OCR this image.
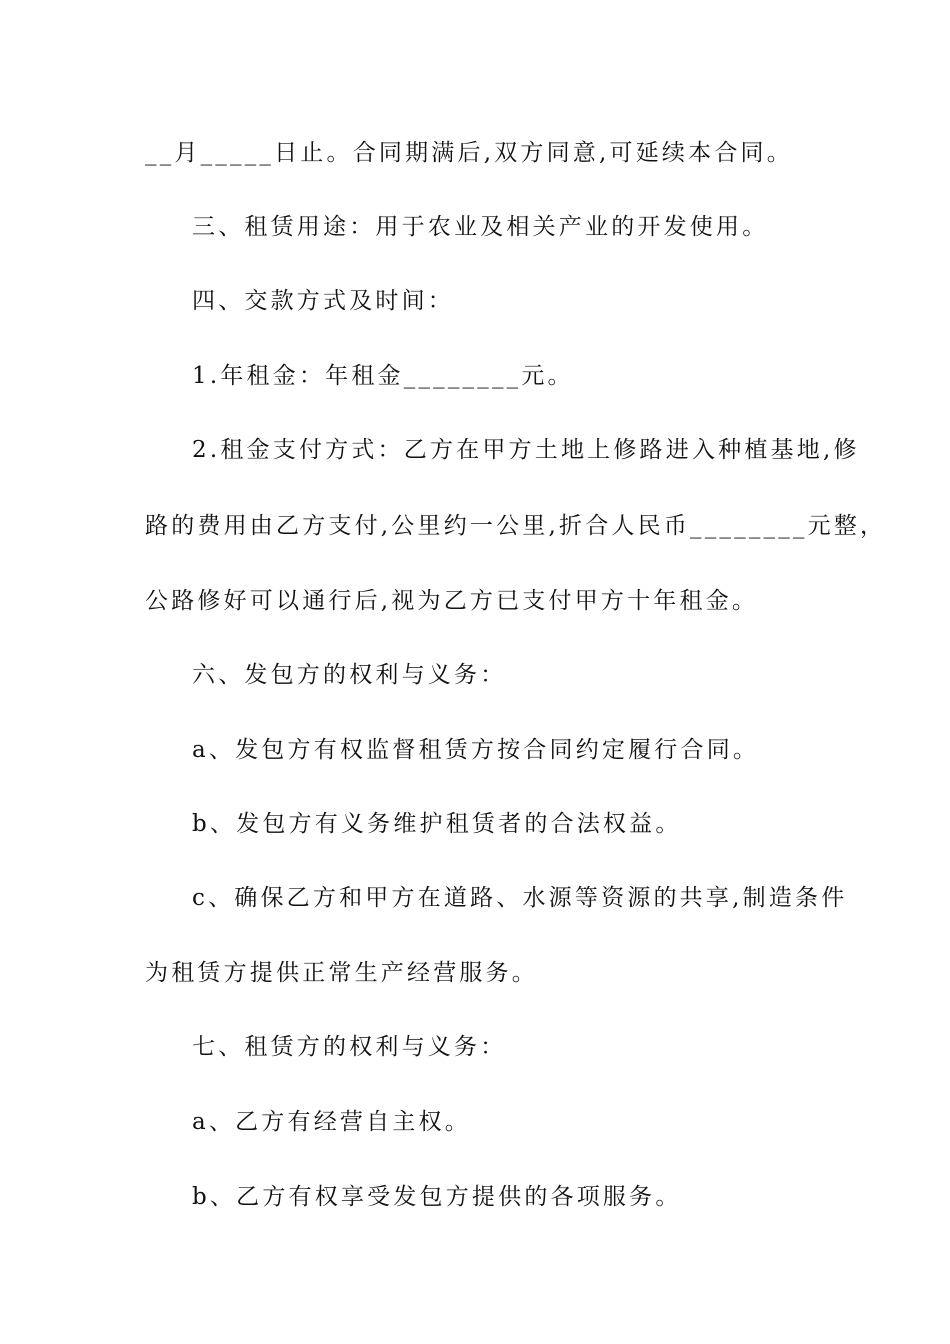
__月_____日止。合同期满后,双方同意,可延续本合同。
三、租赁用途：用于农业及相关产业的开发使用。
四、交款方式及时间：
1.年租金：年租金________元。
2.租金支付方式：乙方在甲方土地上修路进入种植基地,修
路的费用由乙方支付,公里约一公里,折合人民币________元整，
公路修好可以通行后,视为乙方已支付甲方十年租金。
六、发包方的权利与义务：
a、发包方有权监督租赁方按合同约定履行合同。
b、发包方有义务维护租赁者的合法权益。
c、确保乙方和甲方在道路、水源等资源的共享,制造条件
为租赁方提供正常生产经营服务。
七、租赁方的权利与义务：
a、乙方有经营自主权。
b、乙方有权享受发包方提供的各项服务。
